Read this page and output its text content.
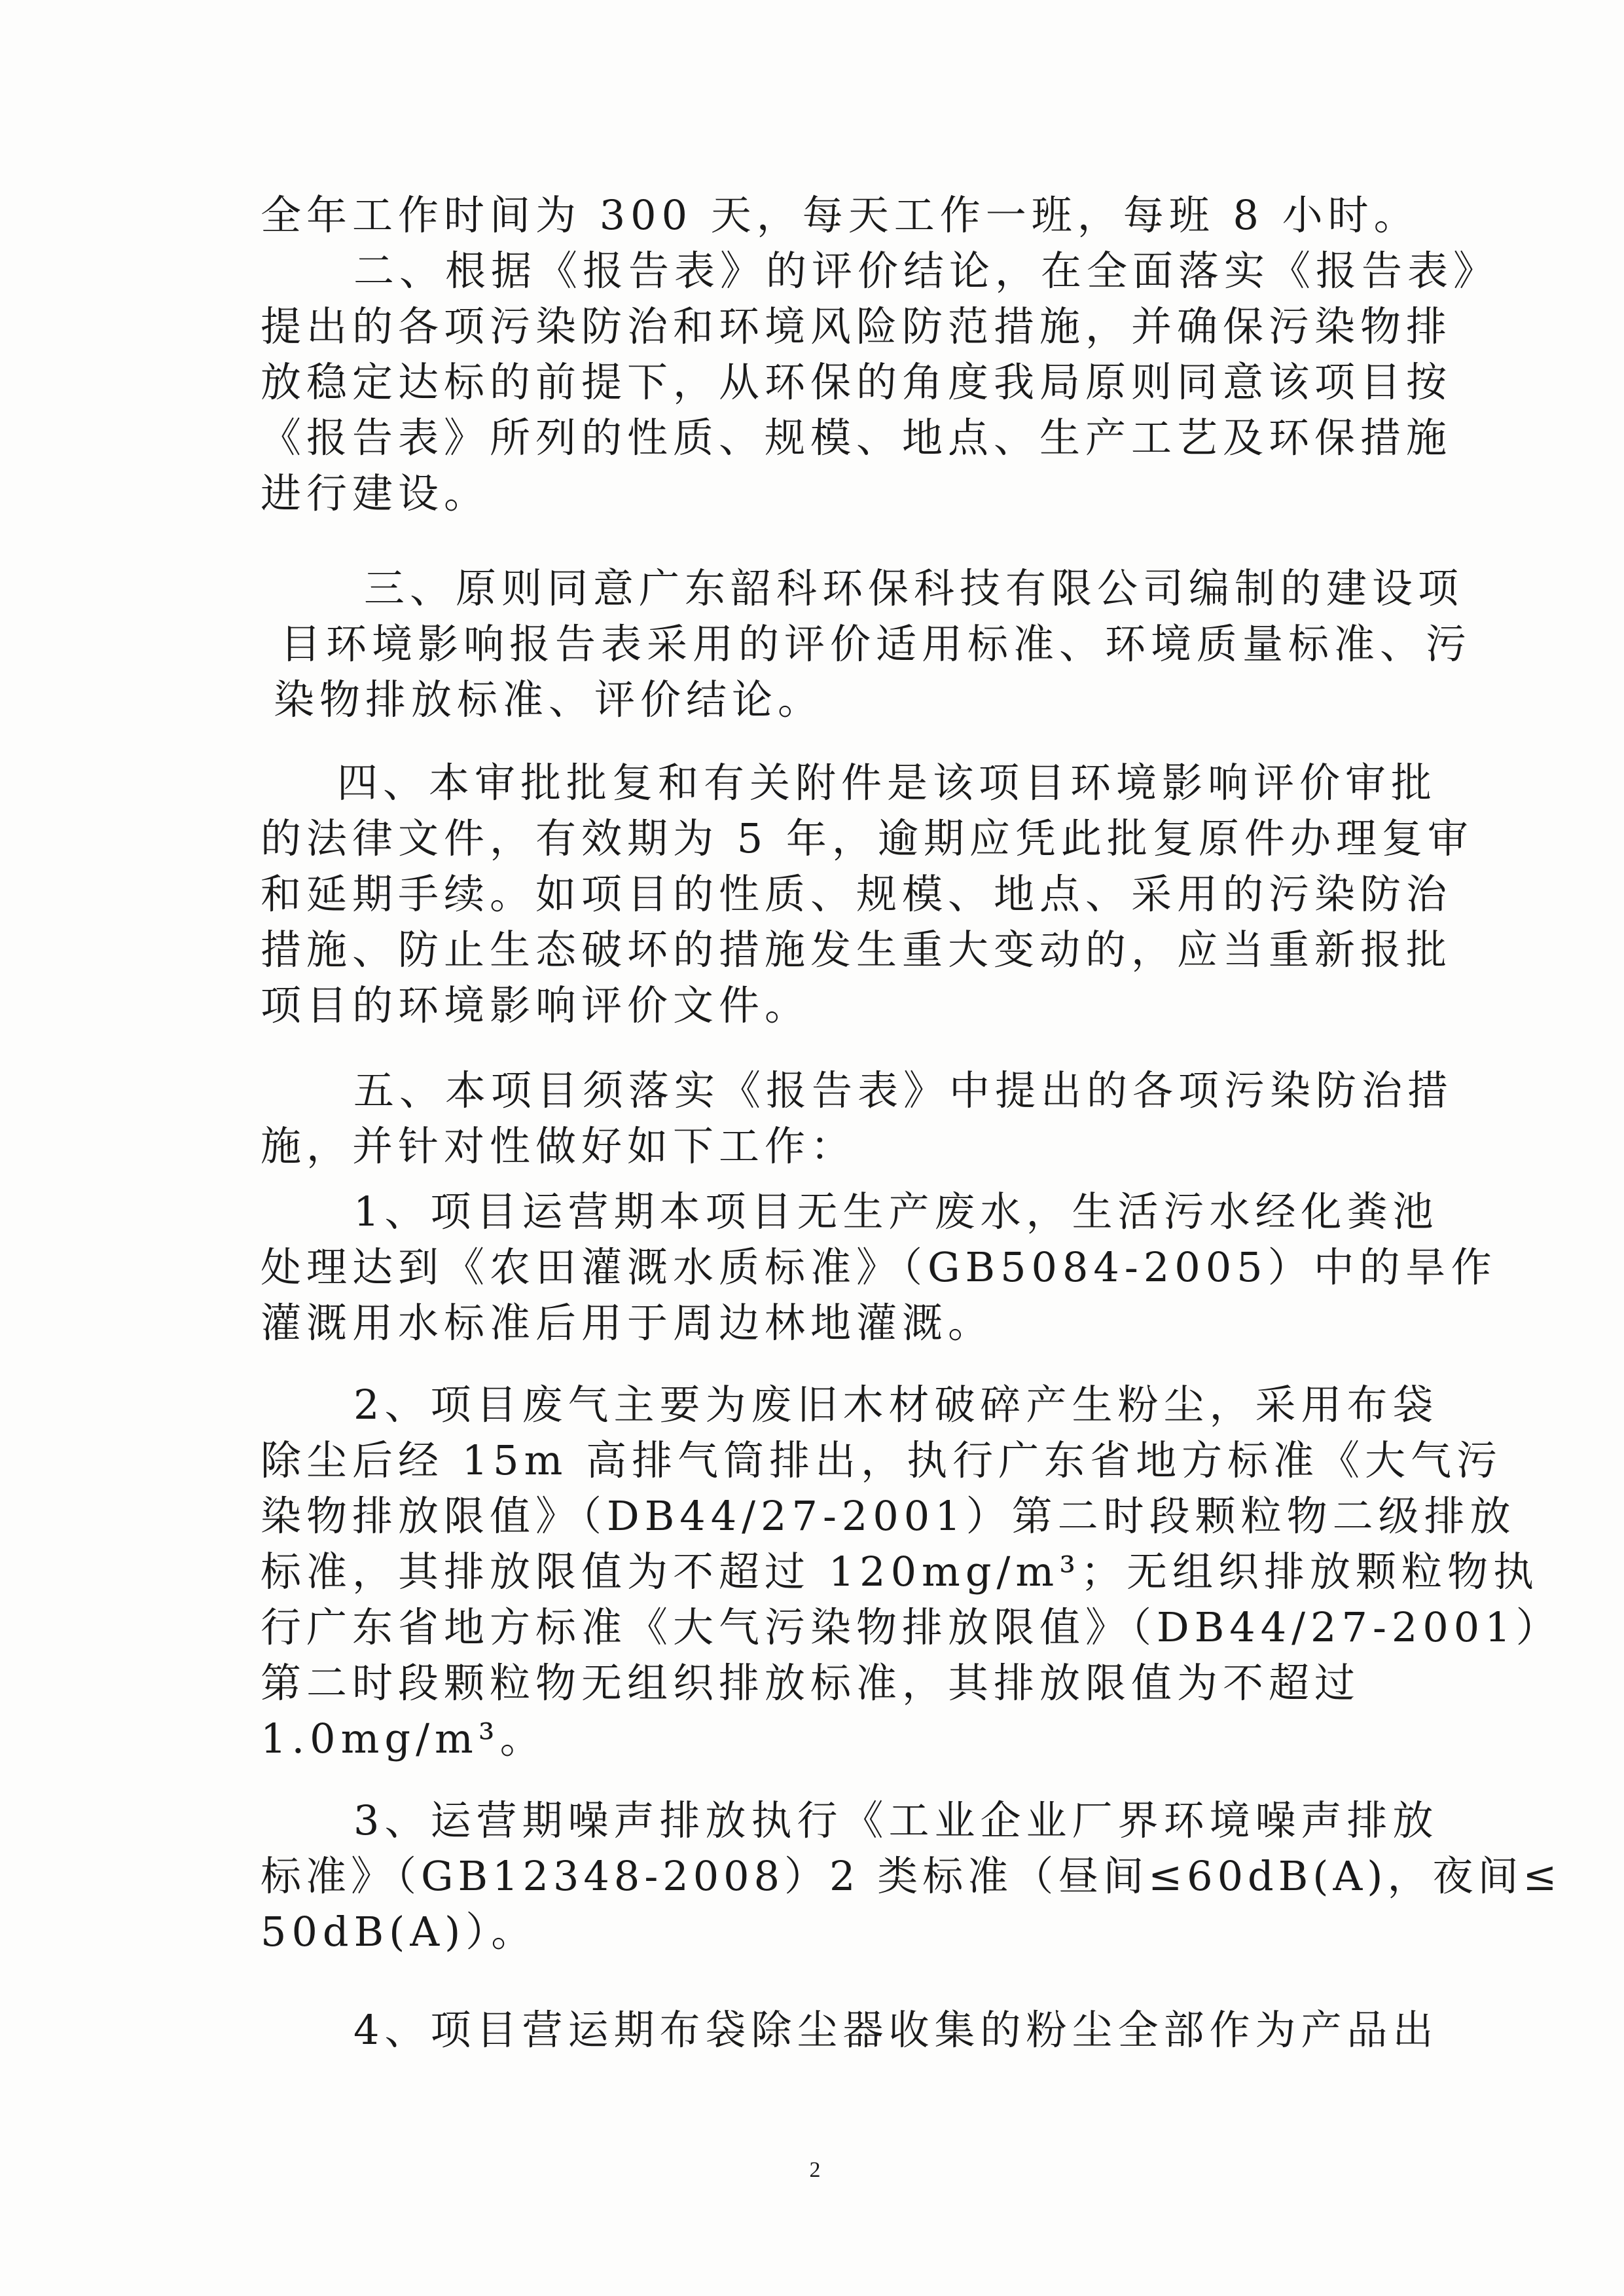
全年工作时间为 300 天，每天工作一班，每班 8 小时。
二、根据《报告表》的评价结论，在全面落实《报告表》
提出的各项污染防治和环境风险防范措施，并确保污染物排
放稳定达标的前提下，从环保的角度我局原则同意该项目按
《报告表》所列的性质、规模、地点、生产工艺及环保措施
进行建设。
三、原则同意广东韶科环保科技有限公司编制的建设项
目环境影响报告表采用的评价适用标准、环境质量标准、污
染物排放标准、评价结论。
四、本审批批复和有关附件是该项目环境影响评价审批
的法律文件，有效期为 5 年，逾期应凭此批复原件办理复审
和延期手续。如项目的性质、规模、地点、采用的污染防治
措施、防止生态破坏的措施发生重大变动的，应当重新报批
项目的环境影响评价文件。
五、本项目须落实《报告表》中提出的各项污染防治措
施，并针对性做好如下工作：
1、项目运营期本项目无生产废水，生活污水经化粪池
处理达到《农田灌溉水质标准》（GB5084-2005）中的旱作
灌溉用水标准后用于周边林地灌溉。
2、项目废气主要为废旧木材破碎产生粉尘，采用布袋
除尘后经 15m 高排气筒排出，执行广东省地方标准《大气污
染物排放限值》（DB44/27-2001）第二时段颗粒物二级排放
标准，其排放限值为不超过 120mg/m³；无组织排放颗粒物执
行广东省地方标准《大气污染物排放限值》（DB44/27-2001）
第二时段颗粒物无组织排放标准，其排放限值为不超过
1.0mg/m³。
3、运营期噪声排放执行《工业企业厂界环境噪声排放
标准》（GB12348-2008）2 类标准（昼间≤60dB(A)，夜间≤
50dB(A)）。
4、项目营运期布袋除尘器收集的粉尘全部作为产品出
2
